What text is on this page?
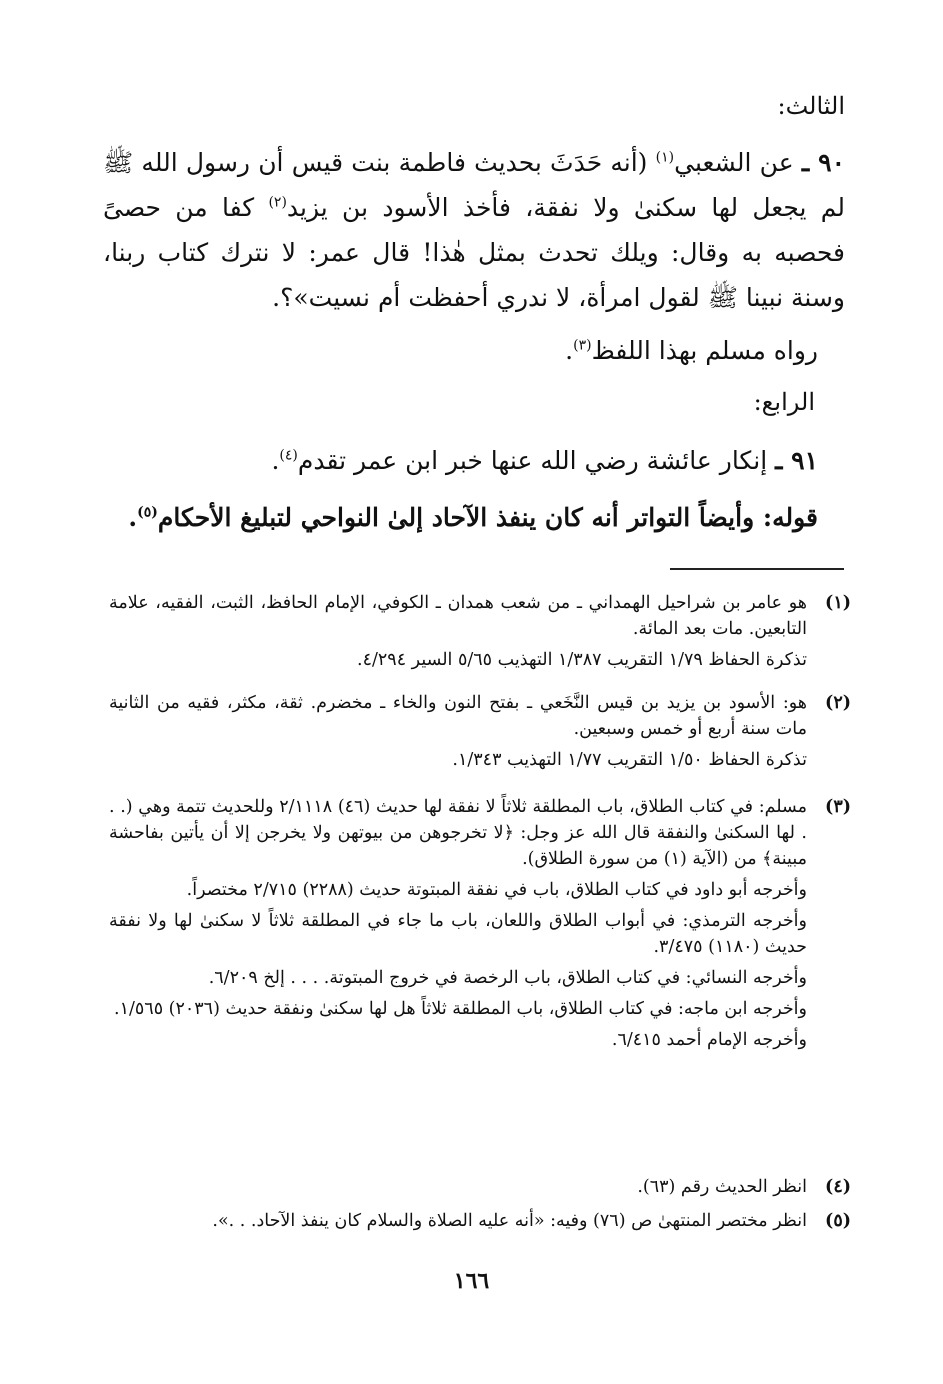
الثالث:
٩٠ ـ عن الشعبي$^{(١)}$ (أنه حَدَثَ بحديث فاطمة بنت قيس أن رسول الله ﷺ لم يجعل لها سكنىٰ ولا نفقة، فأخذ الأسود بن يزيد$^{(٢)}$ كفا من حصىً فحصبه به وقال: ويلك تحدث بمثل هٰذا! قال عمر: لا نترك كتاب ربنا، وسنة نبينا ﷺ لقول امرأة، لا ندري أحفظت أم نسيت»؟.
رواه مسلم بهذا اللفظ$^{(٣)}$.
الرابع:
٩١ ـ إنكار عائشة رضي الله عنها خبر ابن عمر تقدم$^{(٤)}$.
قوله: وأيضاً التواتر أنه كان ينفذ الآحاد إلىٰ النواحي لتبليغ الأحكام$^{(٥)}$.
(١)
هو عامر بن شراحيل الهمداني ـ من شعب همدان ـ الكوفي، الإمام الحافظ، الثبت، الفقيه، علامة التابعين. مات بعد المائة.
تذكرة الحفاظ ١/٧٩ التقريب ١/٣٨٧ التهذيب ٥/٦٥ السير ٤/٢٩٤.
(٢)
هو: الأسود بن يزيد بن قيس النَّخَعي ـ بفتح النون والخاء ـ مخضرم. ثقة، مكثر، فقيه من الثانية مات سنة أربع أو خمس وسبعين.
تذكرة الحفاظ ١/٥٠ التقريب ١/٧٧ التهذيب ١/٣٤٣.
(٣)
مسلم: في كتاب الطلاق، باب المطلقة ثلاثاً لا نفقة لها حديث (٤٦) ٢/١١١٨ وللحديث تتمة وهي (. . . لها السكنىٰ والنفقة قال الله عز وجل: ﴿لا تخرجوهن من بيوتهن ولا يخرجن إلا أن يأتين بفاحشة مبينة﴾ من (الآية (١) من سورة الطلاق).
وأخرجه أبو داود في كتاب الطلاق، باب في نفقة المبتوتة حديث (٢٢٨٨) ٢/٧١٥ مختصراً.
وأخرجه الترمذي: في أبواب الطلاق واللعان، باب ما جاء في المطلقة ثلاثاً لا سكنىٰ لها ولا نفقة حديث (١١٨٠) ٣/٤٧٥.
وأخرجه النسائي: في كتاب الطلاق، باب الرخصة في خروج المبتوتة. . . . إلخ ٦/٢٠٩.
وأخرجه ابن ماجه: في كتاب الطلاق، باب المطلقة ثلاثاً هل لها سكنىٰ ونفقة حديث (٢٠٣٦) ١/٥٦٥.
وأخرجه الإمام أحمد ٦/٤١٥.
(٤)
انظر الحديث رقم (٦٣).
(٥)
انظر مختصر المنتهىٰ ص (٧٦) وفيه: «أنه عليه الصلاة والسلام كان ينفذ الآحاد. . .».
١٦٦
